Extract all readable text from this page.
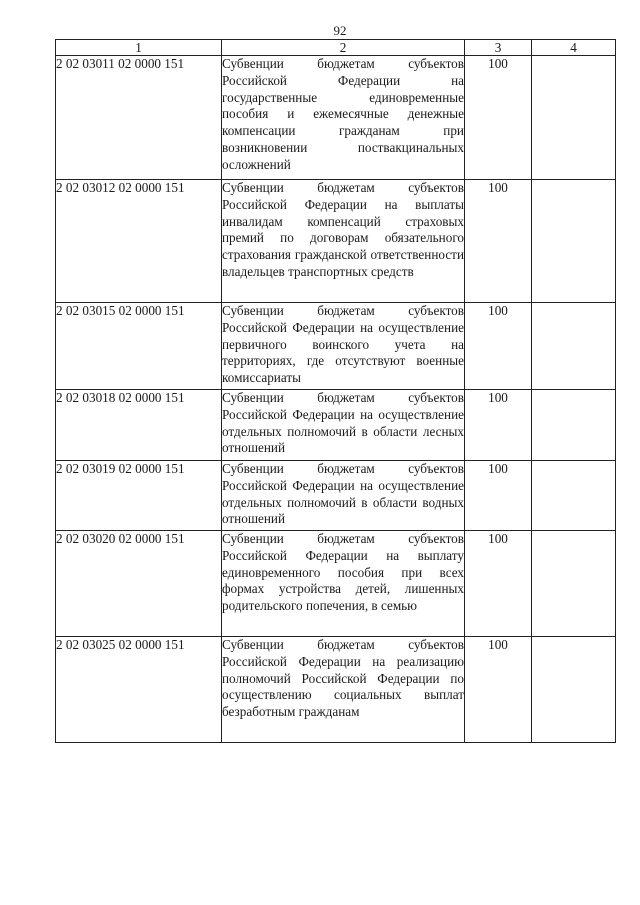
92
1	2	3	4
2 02 03011 02 0000 151	Субвенции бюджетам субъектов Российской Федерации на государственные единовременные пособия и ежемесячные денежные компенсации гражданам при возникновении поствакцинальных осложнений	100	
2 02 03012 02 0000 151	Субвенции бюджетам субъектов Российской Федерации на выплаты инвалидам компенсаций страховых премий по договорам обязательного страхования гражданской ответственности владельцев транспортных средств	100	
2 02 03015 02 0000 151	Субвенции бюджетам субъектов Российской Федерации на осуществление первичного воинского учета на территориях, где отсутствуют военные комиссариаты	100	
2 02 03018 02 0000 151	Субвенции бюджетам субъектов Российской Федерации на осуществление отдельных полномочий в области лесных отношений	100	
2 02 03019 02 0000 151	Субвенции бюджетам субъектов Российской Федерации на осуществление отдельных полномочий в области водных отношений	100	
2 02 03020 02 0000 151	Субвенции бюджетам субъектов Российской Федерации на выплату единовременного пособия при всех формах устройства детей, лишенных родительского попечения, в семью	100	
2 02 03025 02 0000 151	Субвенции бюджетам субъектов Российской Федерации на реализацию полномочий Российской Федерации по осуществлению социальных выплат безработным гражданам	100	
